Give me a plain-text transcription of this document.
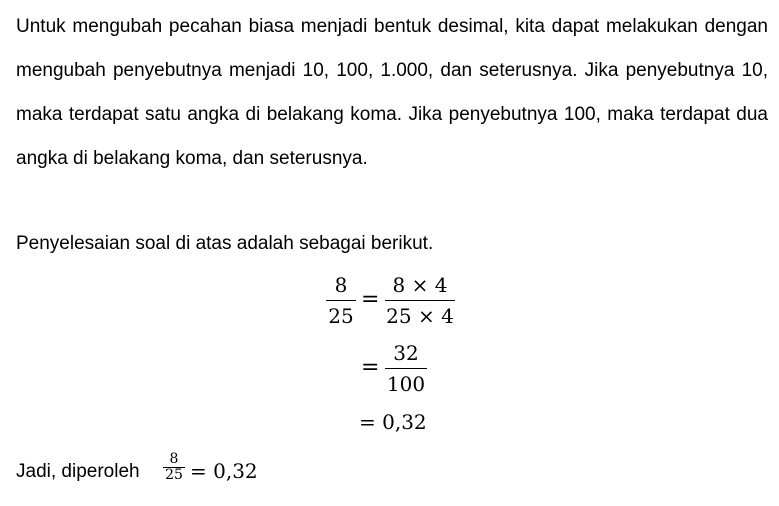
Untuk mengubah pecahan biasa menjadi bentuk desimal, kita dapat melakukan dengan mengubah penyebutnya menjadi 10, 100, 1.000, dan seterusnya. Jika penyebutnya 10, maka terdapat satu angka di belakang koma. Jika penyebutnya 100, maka terdapat dua angka di belakang koma, dan seterusnya.

Penyelesaian soal di atas adalah sebagai berikut.

8
25
=
8 × 4
25 × 4
=
32
100
= 0,32
Jadi, diperoleh
8
25 = 0,32
